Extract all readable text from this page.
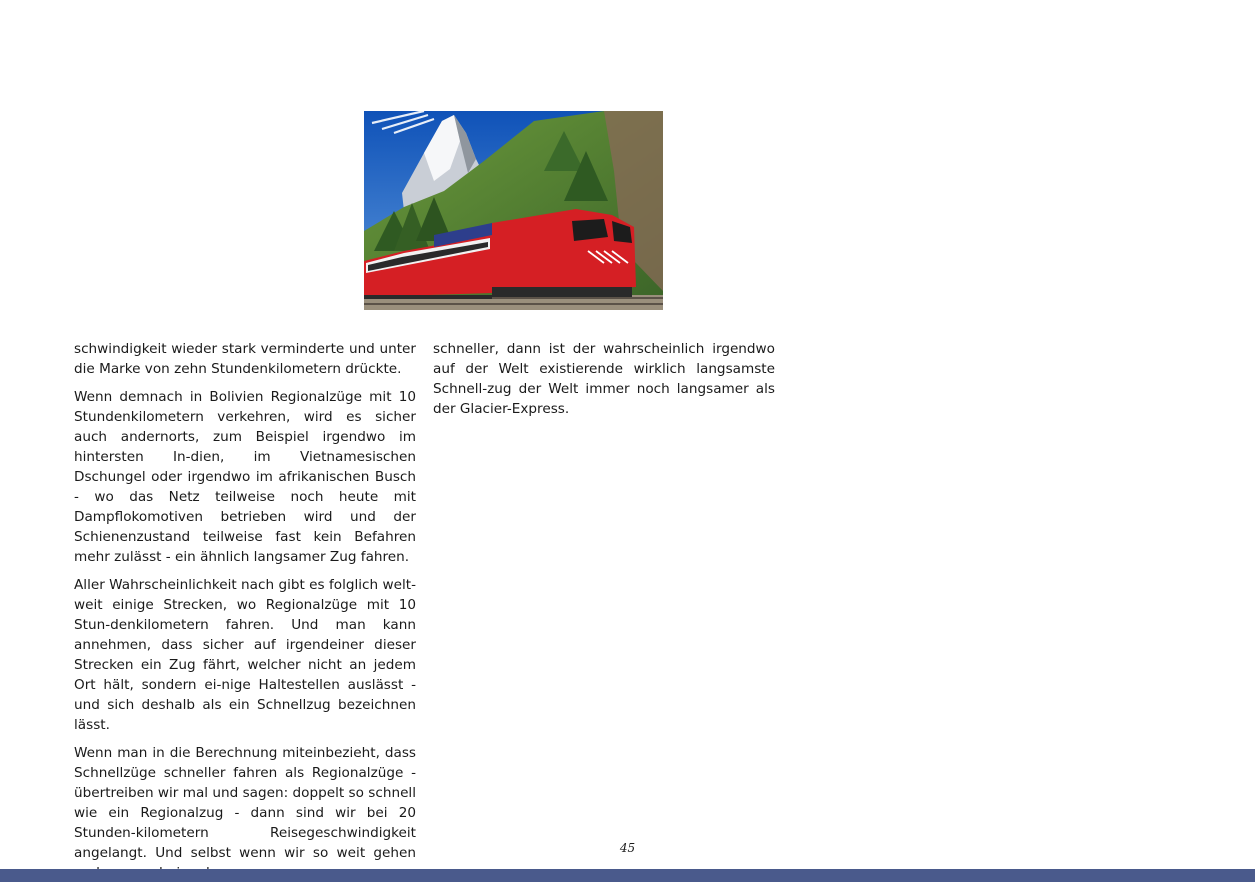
schwindigkeit wieder stark verminderte und unter die Marke von zehn Stundenkilometern drückte.

Wenn demnach in Bolivien Regionalzüge mit 10 Stundenkilometern verkehren, wird es sicher auch andernorts, zum Beispiel irgendwo im hintersten In-dien, im Vietnamesischen Dschungel oder irgendwo im afrikanischen Busch - wo das Netz teilweise noch heute mit Dampflokomotiven betrieben wird und der Schienenzustand teilweise fast kein Befahren mehr zulässt - ein ähnlich langsamer Zug fahren.

Aller Wahrscheinlichkeit nach gibt es folglich welt-weit einige Strecken, wo Regionalzüge mit 10 Stun-denkilometern fahren. Und man kann annehmen, dass sicher auf irgendeiner dieser Strecken ein Zug fährt, welcher nicht an jedem Ort hält, sondern ei-nige Haltestellen auslässt - und sich deshalb als ein Schnellzug bezeichnen lässt.

Wenn man in die Berechnung miteinbezieht, dass Schnellzüge schneller fahren als Regionalzüge - übertreiben wir mal und sagen: doppelt so schnell wie ein Regionalzug - dann sind wir bei 20 Stunden-kilometern Reisegeschwindigkeit angelangt. Und selbst wenn wir so weit gehen

schneller, dann ist der wahrscheinlich irgendwo auf der Welt existierende wirklich langsamste Schnell-zug der Welt immer noch langsamer als der Glacier-Express.

45
